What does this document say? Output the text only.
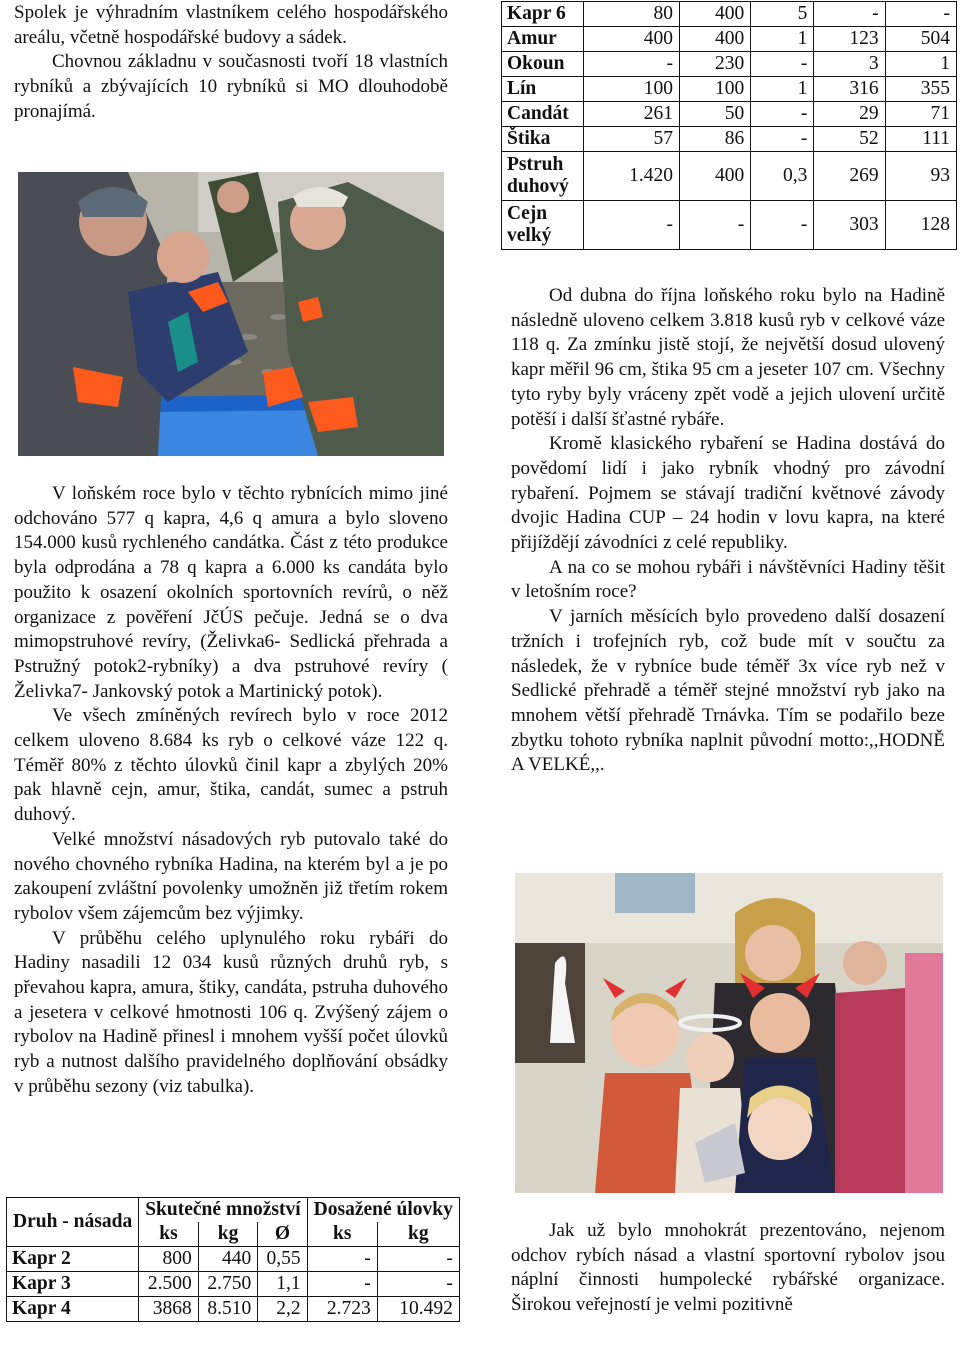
Spolek je výhradním vlastníkem celého hospodářského areálu, včetně hospodářské budovy a sádek.

Chovnou základnu v současnosti tvoří 18 vlastních rybníků a zbývajících 10 rybníků si MO dlouhodobě pronajímá.

V loňském roce bylo v těchto rybnících mimo jiné odchováno 577 q kapra, 4,6 q amura a bylo sloveno 154.000 kusů rychleného candátka. Část z této produkce byla odprodána a 78 q kapra a 6.000 ks candáta bylo použito k osazení okolních sportovních revírů, o něž organizace z pověření JčÚS pečuje. Jedná se o dva mimopstruhové revíry, (Želivka6- Sedlická přehrada a Pstružný potok2-rybníky) a dva pstruhové revíry ( Želivka7- Jankovský potok a Martinický potok).

Ve všech zmíněných revírech bylo v roce 2012 celkem uloveno 8.684 ks ryb o celkové váze 122 q. Téměř 80% z těchto úlovků činil kapr a zbylých 20% pak hlavně cejn, amur, štika, candát, sumec a pstruh duhový.

Velké množství násadových ryb putovalo také do nového chovného rybníka Hadina, na kterém byl a je po zakoupení zvláštní povolenky umožněn již třetím rokem rybolov všem zájemcům bez výjimky.

V průběhu celého uplynulého roku rybáři do Hadiny nasadili 12 034 kusů různých druhů ryb, s převahou kapra, amura, štiky, candáta, pstruha duhového a jesetera v celkové hmotnosti 106 q. Zvýšený zájem o rybolov na Hadině přinesl i mnohem vyšší počet úlovků ryb a nutnost dalšího pravidelného doplňování obsádky v průběhu sezony (viz tabulka).

Druh - násada	Skutečné množství			Dosažené úlovky	
	ks	kg	Ø	ks	kg
Kapr 2	800	440	0,55	-	-
Kapr 3	2.500	2.750	1,1	-	-
Kapr 4	3868	8.510	2,2	2.723	10.492
Kapr 6	80	400	5	-	-
Amur	400	400	1	123	504
Okoun	-	230	-	3	1
Lín	100	100	1	316	355
Candát	261	50	-	29	71
Štika	57	86	-	52	111
Pstruh duhový	1.420	400	0,3	269	93
Cejn velký	-	-	-	303	128

Od dubna do října loňského roku bylo na Hadině následně uloveno celkem 3.818 kusů ryb v celkové váze 118 q. Za zmínku jistě stojí, že největší dosud ulovený kapr měřil 96 cm, štika 95 cm a jeseter 107 cm. Všechny tyto ryby byly vráceny zpět vodě a jejich ulovení určitě potěší i další šťastné rybáře.

Kromě klasického rybaření se Hadina dostává do povědomí lidí i jako rybník vhodný pro závodní rybaření. Pojmem se stávají tradiční květnové závody dvojic Hadina CUP – 24 hodin v lovu kapra, na které přijíždějí závodníci z celé republiky.

A na co se mohou rybáři i návštěvníci Hadiny těšit v letošním roce?

V jarních měsících bylo provedeno další dosazení tržních i trofejních ryb, což bude mít v součtu za následek, že v rybníce bude téměř 3x více ryb než v Sedlické přehradě a téměř stejné množství ryb jako na mnohem větší přehradě Trnávka. Tím se podařilo beze zbytku tohoto rybníka naplnit původní motto:,,HODNĚ A VELKÉ,,.

Jak už bylo mnohokrát prezentováno, nejenom odchov rybích násad a vlastní sportovní rybolov jsou náplní činnosti humpolecké rybářské organizace. Širokou veřejností je velmi pozitivně
